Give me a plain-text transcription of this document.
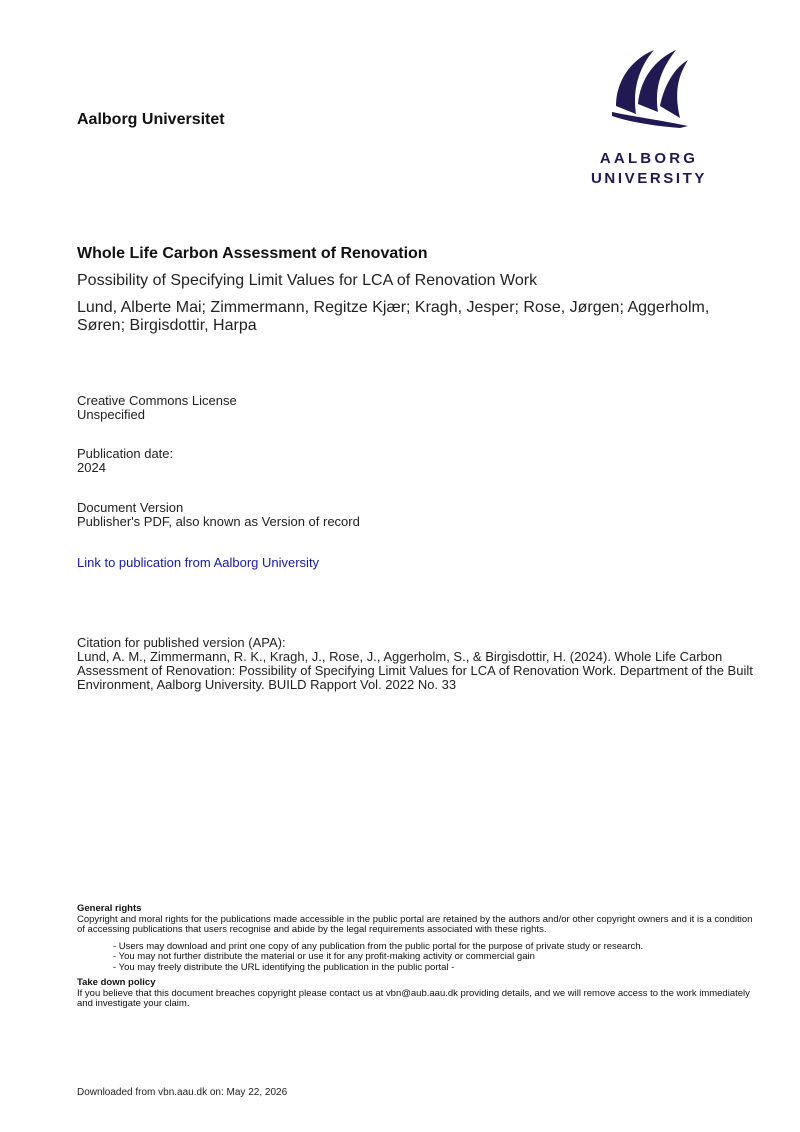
Aalborg Universitet
AALBORG
UNIVERSITY
Whole Life Carbon Assessment of Renovation
Possibility of Specifying Limit Values for LCA of Renovation Work
Lund, Alberte Mai; Zimmermann, Regitze Kjær; Kragh, Jesper; Rose, Jørgen; Aggerholm, Søren; Birgisdottir, Harpa
Creative Commons License
Unspecified
Publication date:
2024
Document Version
Publisher's PDF, also known as Version of record
Link to publication from Aalborg University
Citation for published version (APA):
Lund, A. M., Zimmermann, R. K., Kragh, J., Rose, J., Aggerholm, S., & Birgisdottir, H. (2024). Whole Life Carbon Assessment of Renovation: Possibility of Specifying Limit Values for LCA of Renovation Work. Department of the Built Environment, Aalborg University. BUILD Rapport Vol. 2022 No. 33
General rights
Copyright and moral rights for the publications made accessible in the public portal are retained by the authors and/or other copyright owners and it is a condition of accessing publications that users recognise and abide by the legal requirements associated with these rights.
- Users may download and print one copy of any publication from the public portal for the purpose of private study or research.
- You may not further distribute the material or use it for any profit-making activity or commercial gain
- You may freely distribute the URL identifying the publication in the public portal -
Take down policy
If you believe that this document breaches copyright please contact us at vbn@aub.aau.dk providing details, and we will remove access to the work immediately and investigate your claim.
Downloaded from vbn.aau.dk on: May 22, 2026
